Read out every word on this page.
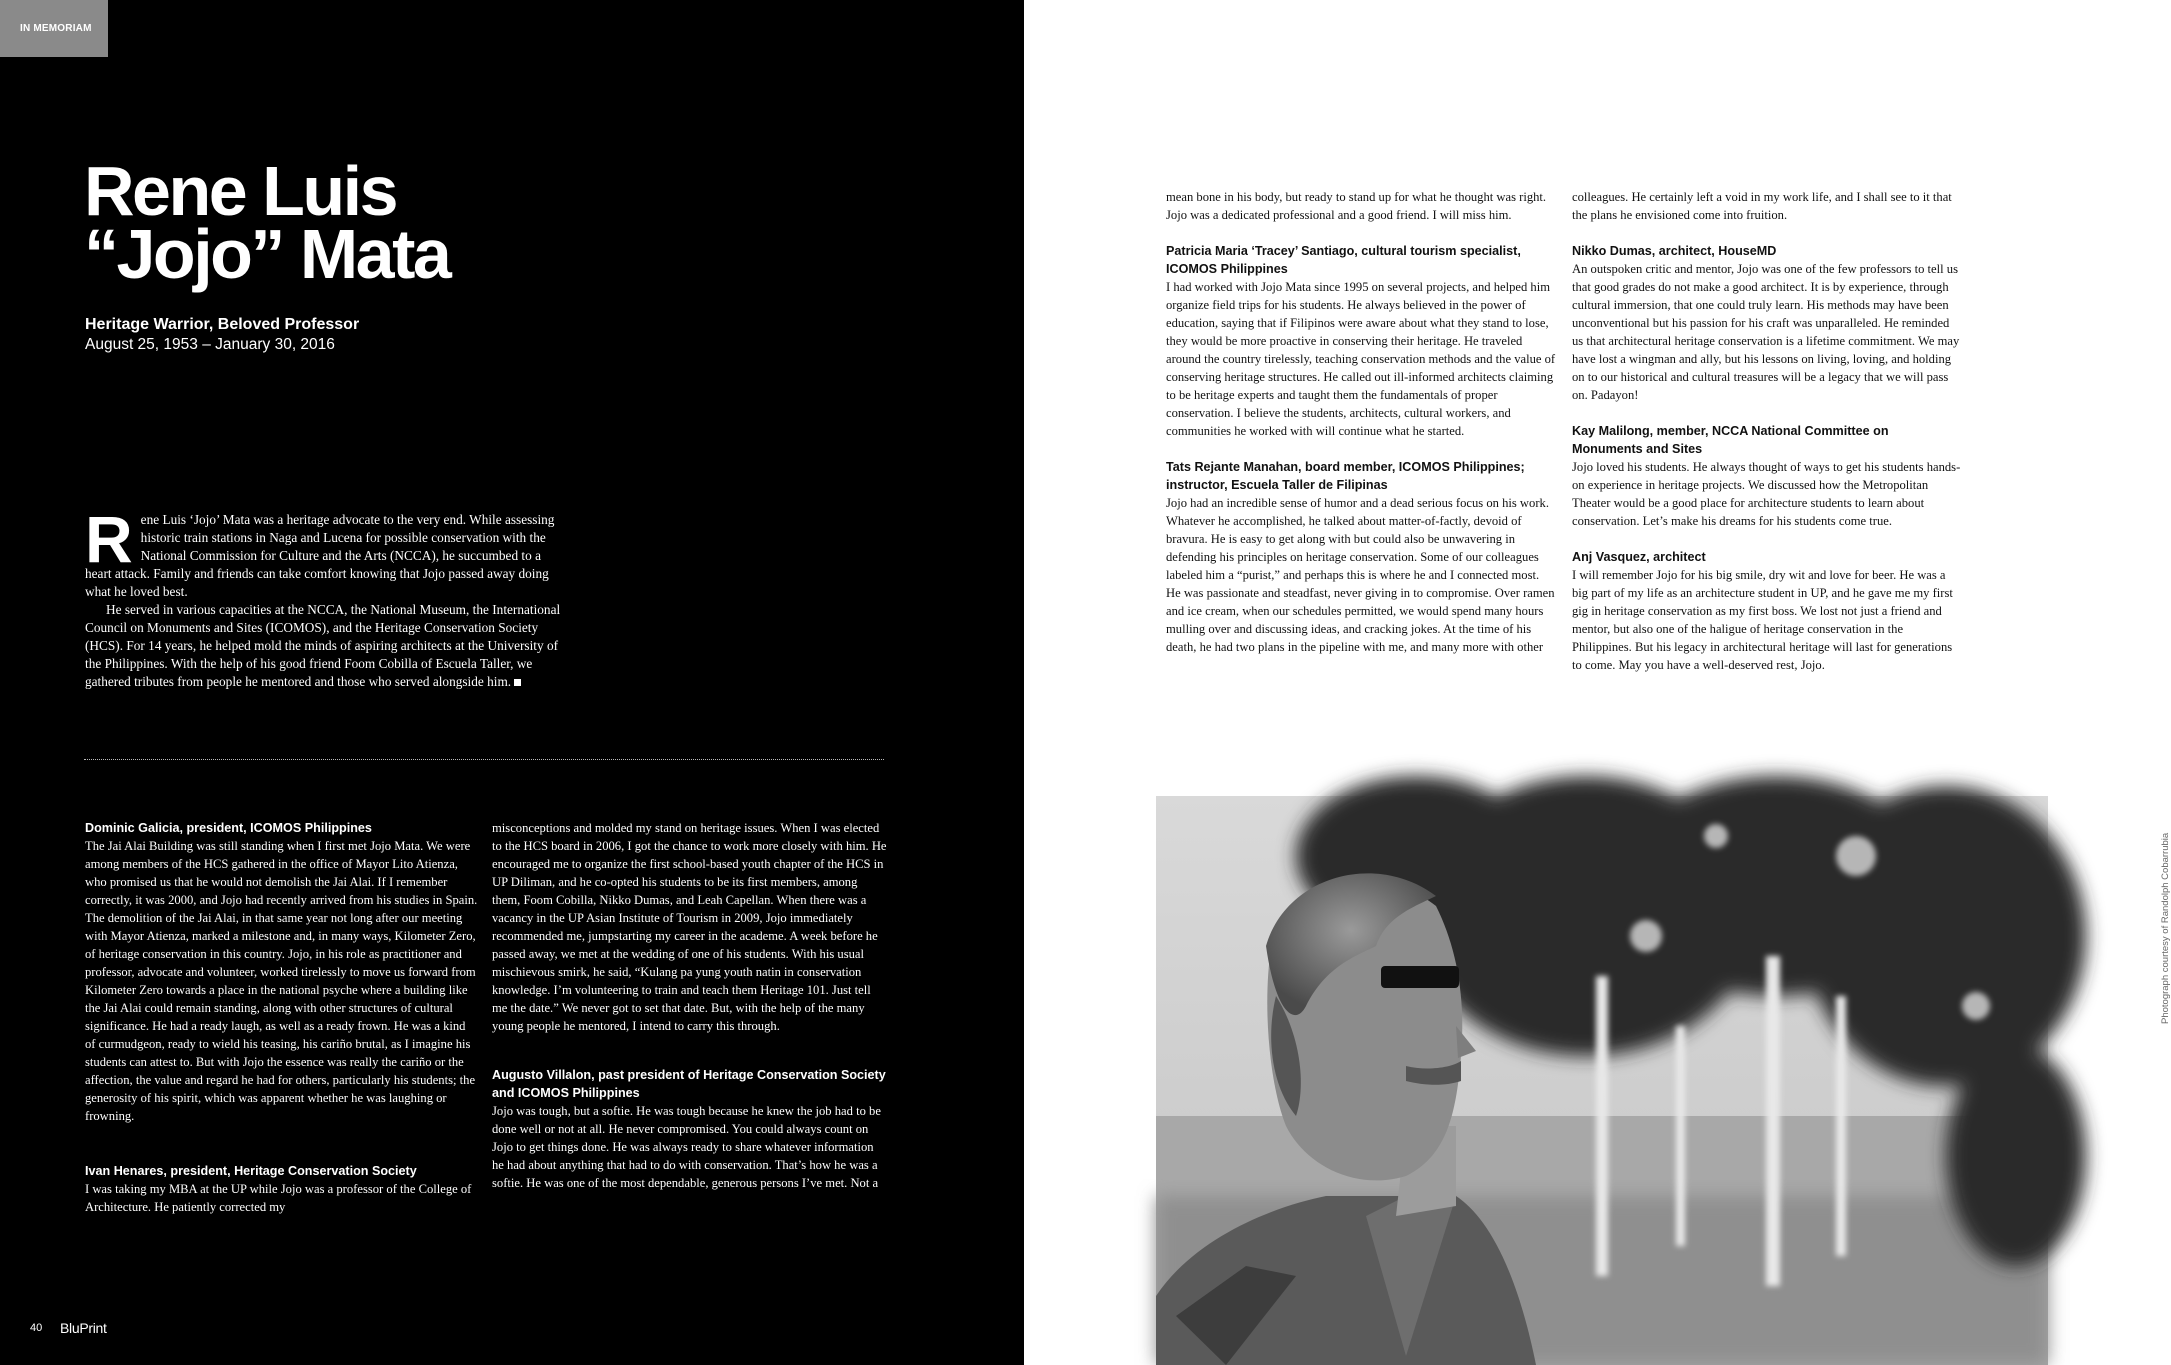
IN MEMORIAM
Rene Luis
“Jojo” Mata
Heritage Warrior, Beloved Professor
August 25, 1953 – January 30, 2016

Rene Luis ‘Jojo’ Mata was a heritage advocate to the very end. While assessing historic train stations in Naga and Lucena for possible conservation with the National Commission for Culture and the Arts (NCCA), he succumbed to a heart attack. Family and friends can take comfort knowing that Jojo passed away doing what he loved best.

He served in various capacities at the NCCA, the National Museum, the International Council on Monuments and Sites (ICOMOS), and the Heritage Conservation Society (HCS). For 14 years, he helped mold the minds of aspiring architects at the University of the Philippines. With the help of his good friend Foom Cobilla of Escuela Taller, we gathered tributes from people he mentored and those who served alongside him.

Dominic Galicia, president, ICOMOS Philippines

The Jai Alai Building was still standing when I first met Jojo Mata. We were among members of the HCS gathered in the office of Mayor Lito Atienza, who promised us that he would not demolish the Jai Alai. If I remember correctly, it was 2000, and Jojo had recently arrived from his studies in Spain. The demolition of the Jai Alai, in that same year not long after our meeting with Mayor Atienza, marked a milestone and, in many ways, Kilometer Zero, of heritage conservation in this country. Jojo, in his role as practitioner and professor, advocate and volunteer, worked tirelessly to move us forward from Kilometer Zero towards a place in the national psyche where a building like the Jai Alai could remain standing, along with other structures of cultural significance. He had a ready laugh, as well as a ready frown. He was a kind of curmudgeon, ready to wield his teasing, his cariño brutal, as I imagine his students can attest to. But with Jojo the essence was really the cariño or the affection, the value and regard he had for others, particularly his students; the generosity of his spirit, which was apparent whether he was laughing or frowning.

Ivan Henares, president, Heritage Conservation Society

I was taking my MBA at the UP while Jojo was a professor of the College of Architecture. He patiently corrected my

misconceptions and molded my stand on heritage issues. When I was elected to the HCS board in 2006, I got the chance to work more closely with him. He encouraged me to organize the first school-based youth chapter of the HCS in UP Diliman, and he co-opted his students to be its first members, among them, Foom Cobilla, Nikko Dumas, and Leah Capellan. When there was a vacancy in the UP Asian Institute of Tourism in 2009, Jojo immediately recommended me, jumpstarting my career in the academe. A week before he passed away, we met at the wedding of one of his students. With his usual mischievous smirk, he said, “Kulang pa yung youth natin in conservation knowledge. I’m volunteering to train and teach them Heritage 101. Just tell me the date.” We never got to set that date. But, with the help of the many young people he mentored, I intend to carry this through.

Augusto Villalon, past president of Heritage Conservation Society and ICOMOS Philippines

Jojo was tough, but a softie. He was tough because he knew the job had to be done well or not at all. He never compromised. You could always count on Jojo to get things done. He was always ready to share whatever information he had about anything that had to do with conservation. That’s how he was a softie. He was one of the most dependable, generous persons I’ve met. Not a

40 BluPrint

mean bone in his body, but ready to stand up for what he thought was right. Jojo was a dedicated professional and a good friend. I will miss him.

Patricia Maria ‘Tracey’ Santiago, cultural tourism specialist, ICOMOS Philippines

I had worked with Jojo Mata since 1995 on several projects, and helped him organize field trips for his students. He always believed in the power of education, saying that if Filipinos were aware about what they stand to lose, they would be more proactive in conserving their heritage. He traveled around the country tirelessly, teaching conservation methods and the value of conserving heritage structures. He called out ill-informed architects claiming to be heritage experts and taught them the fundamentals of proper conservation. I believe the students, architects, cultural workers, and communities he worked with will continue what he started.

Tats Rejante Manahan, board member, ICOMOS Philippines; instructor, Escuela Taller de Filipinas

Jojo had an incredible sense of humor and a dead serious focus on his work. Whatever he accomplished, he talked about matter-of-factly, devoid of bravura. He is easy to get along with but could also be unwavering in defending his principles on heritage conservation. Some of our colleagues labeled him a “purist,” and perhaps this is where he and I connected most. He was passionate and steadfast, never giving in to compromise. Over ramen and ice cream, when our schedules permitted, we would spend many hours mulling over and discussing ideas, and cracking jokes. At the time of his death, he had two plans in the pipeline with me, and many more with other

colleagues. He certainly left a void in my work life, and I shall see to it that the plans he envisioned come into fruition.

Nikko Dumas, architect, HouseMD

An outspoken critic and mentor, Jojo was one of the few professors to tell us that good grades do not make a good architect. It is by experience, through cultural immersion, that one could truly learn. His methods may have been unconventional but his passion for his craft was unparalleled. He reminded us that architectural heritage conservation is a lifetime commitment. We may have lost a wingman and ally, but his lessons on living, loving, and holding on to our historical and cultural treasures will be a legacy that we will pass on. Padayon!

Kay Malilong, member, NCCA National Committee on Monuments and Sites

Jojo loved his students. He always thought of ways to get his students hands-on experience in heritage projects. We discussed how the Metropolitan Theater would be a good place for architecture students to learn about conservation. Let’s make his dreams for his students come true.

Anj Vasquez, architect

I will remember Jojo for his big smile, dry wit and love for beer. He was a big part of my life as an architecture student in UP, and he gave me my first gig in heritage conservation as my first boss. We lost not just a friend and mentor, but also one of the haligue of heritage conservation in the Philippines. But his legacy in architectural heritage will last for generations to come. May you have a well-deserved rest, Jojo.

Photograph courtesy of Randolph Cobarrubia
